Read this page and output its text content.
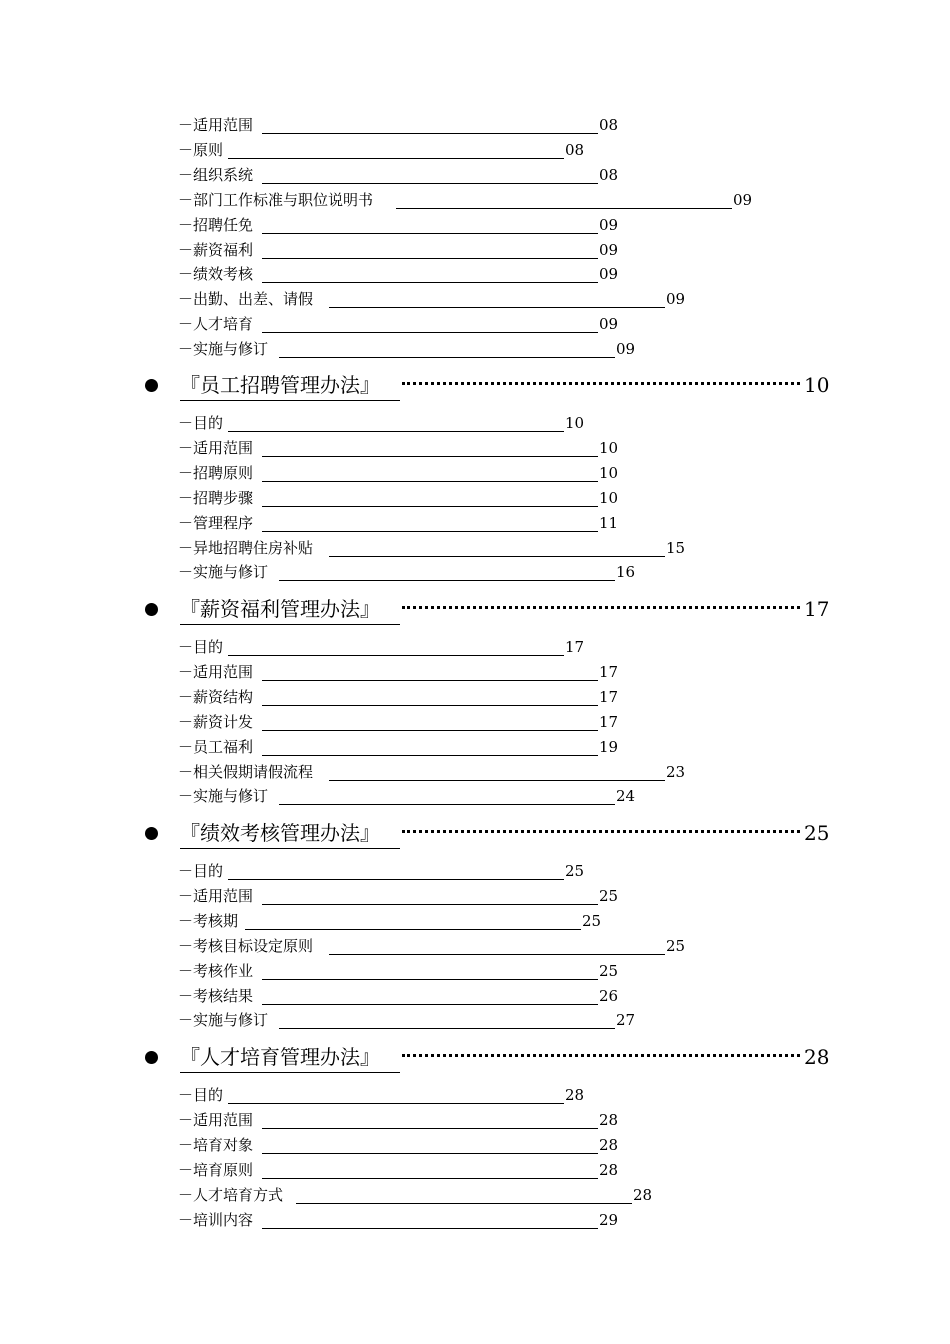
－适用范围	08
－原则	08
－组织系统	08
－部门工作标准与职位说明书	09
－招聘任免	09
－薪资福利	09
－绩效考核	09
－出勤、出差、请假	09
－人才培育	09
－实施与修订	09
『员工招聘管理办法』	10
－目的	10
－适用范围	10
－招聘原则	10
－招聘步骤	10
－管理程序	11
－异地招聘住房补贴	15
－实施与修订	16
『薪资福利管理办法』	17
－目的	17
－适用范围	17
－薪资结构	17
－薪资计发	17
－员工福利	19
－相关假期请假流程	23
－实施与修订	24
『绩效考核管理办法』	25
－目的	25
－适用范围	25
－考核期	25
－考核目标设定原则	25
－考核作业	25
－考核结果	26
－实施与修订	27
『人才培育管理办法』	28
－目的	28
－适用范围	28
－培育对象	28
－培育原则	28
－人才培育方式	28
－培训内容	29
